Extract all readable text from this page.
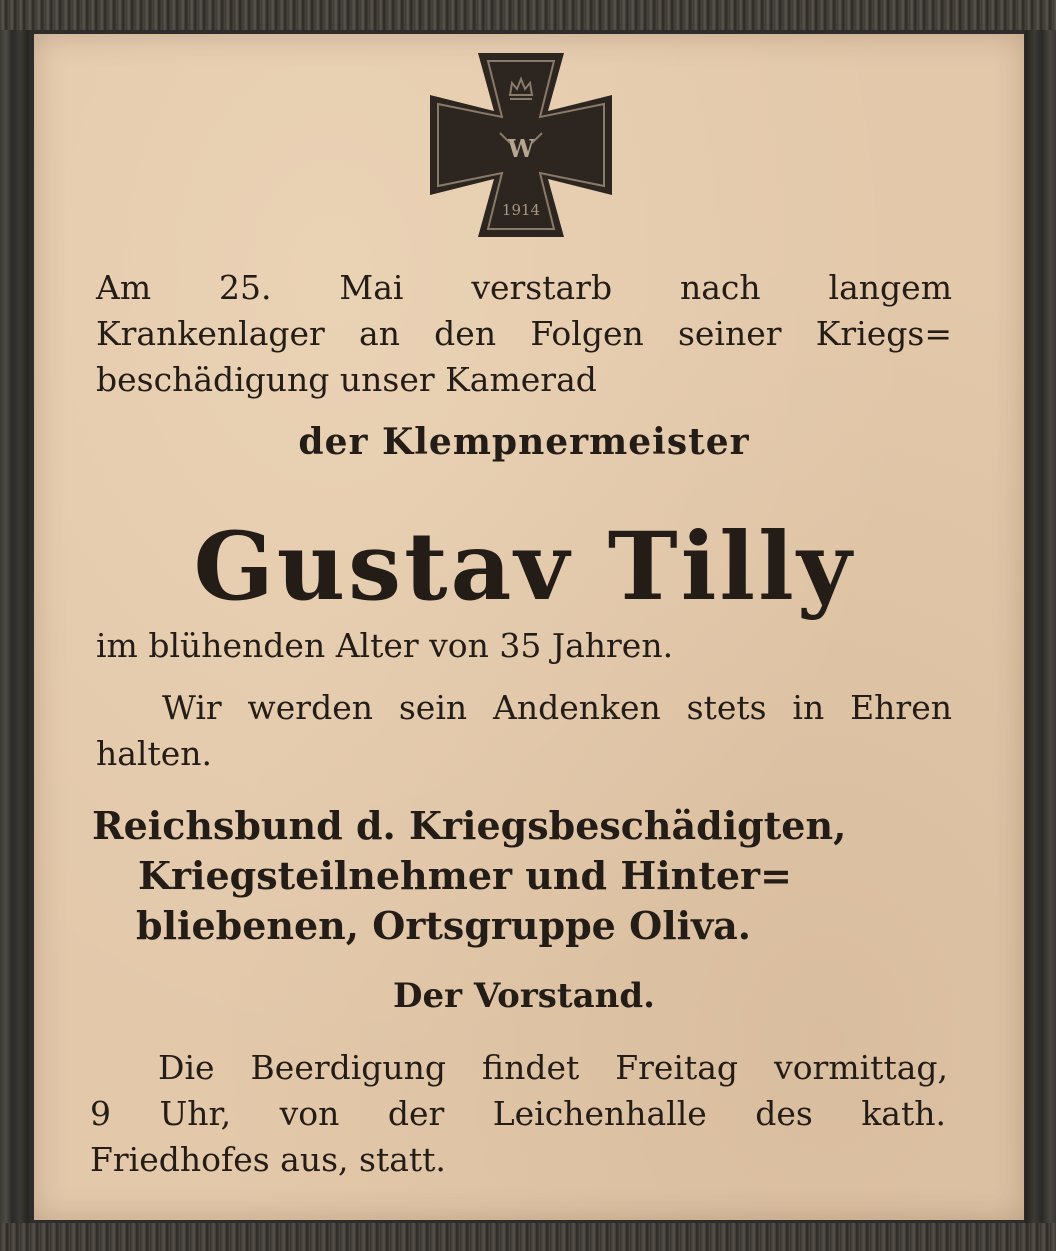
W
1914
Am 25. Mai verstarb nach langem
Krankenlager an den Folgen seiner Kriegs=
beschädigung unser Kamerad
der Klempnermeister
Gustav Tilly
im blühenden Alter von 35 Jahren.
Wir werden sein Andenken stets in Ehren
halten.
Reichsbund d. Kriegsbeschädigten,
Kriegsteilnehmer und Hinter=
bliebenen, Ortsgruppe Oliva.
Der Vorstand.
Die Beerdigung findet Freitag vormittag,
9 Uhr, von der Leichenhalle des kath.
Friedhofes aus, statt.
